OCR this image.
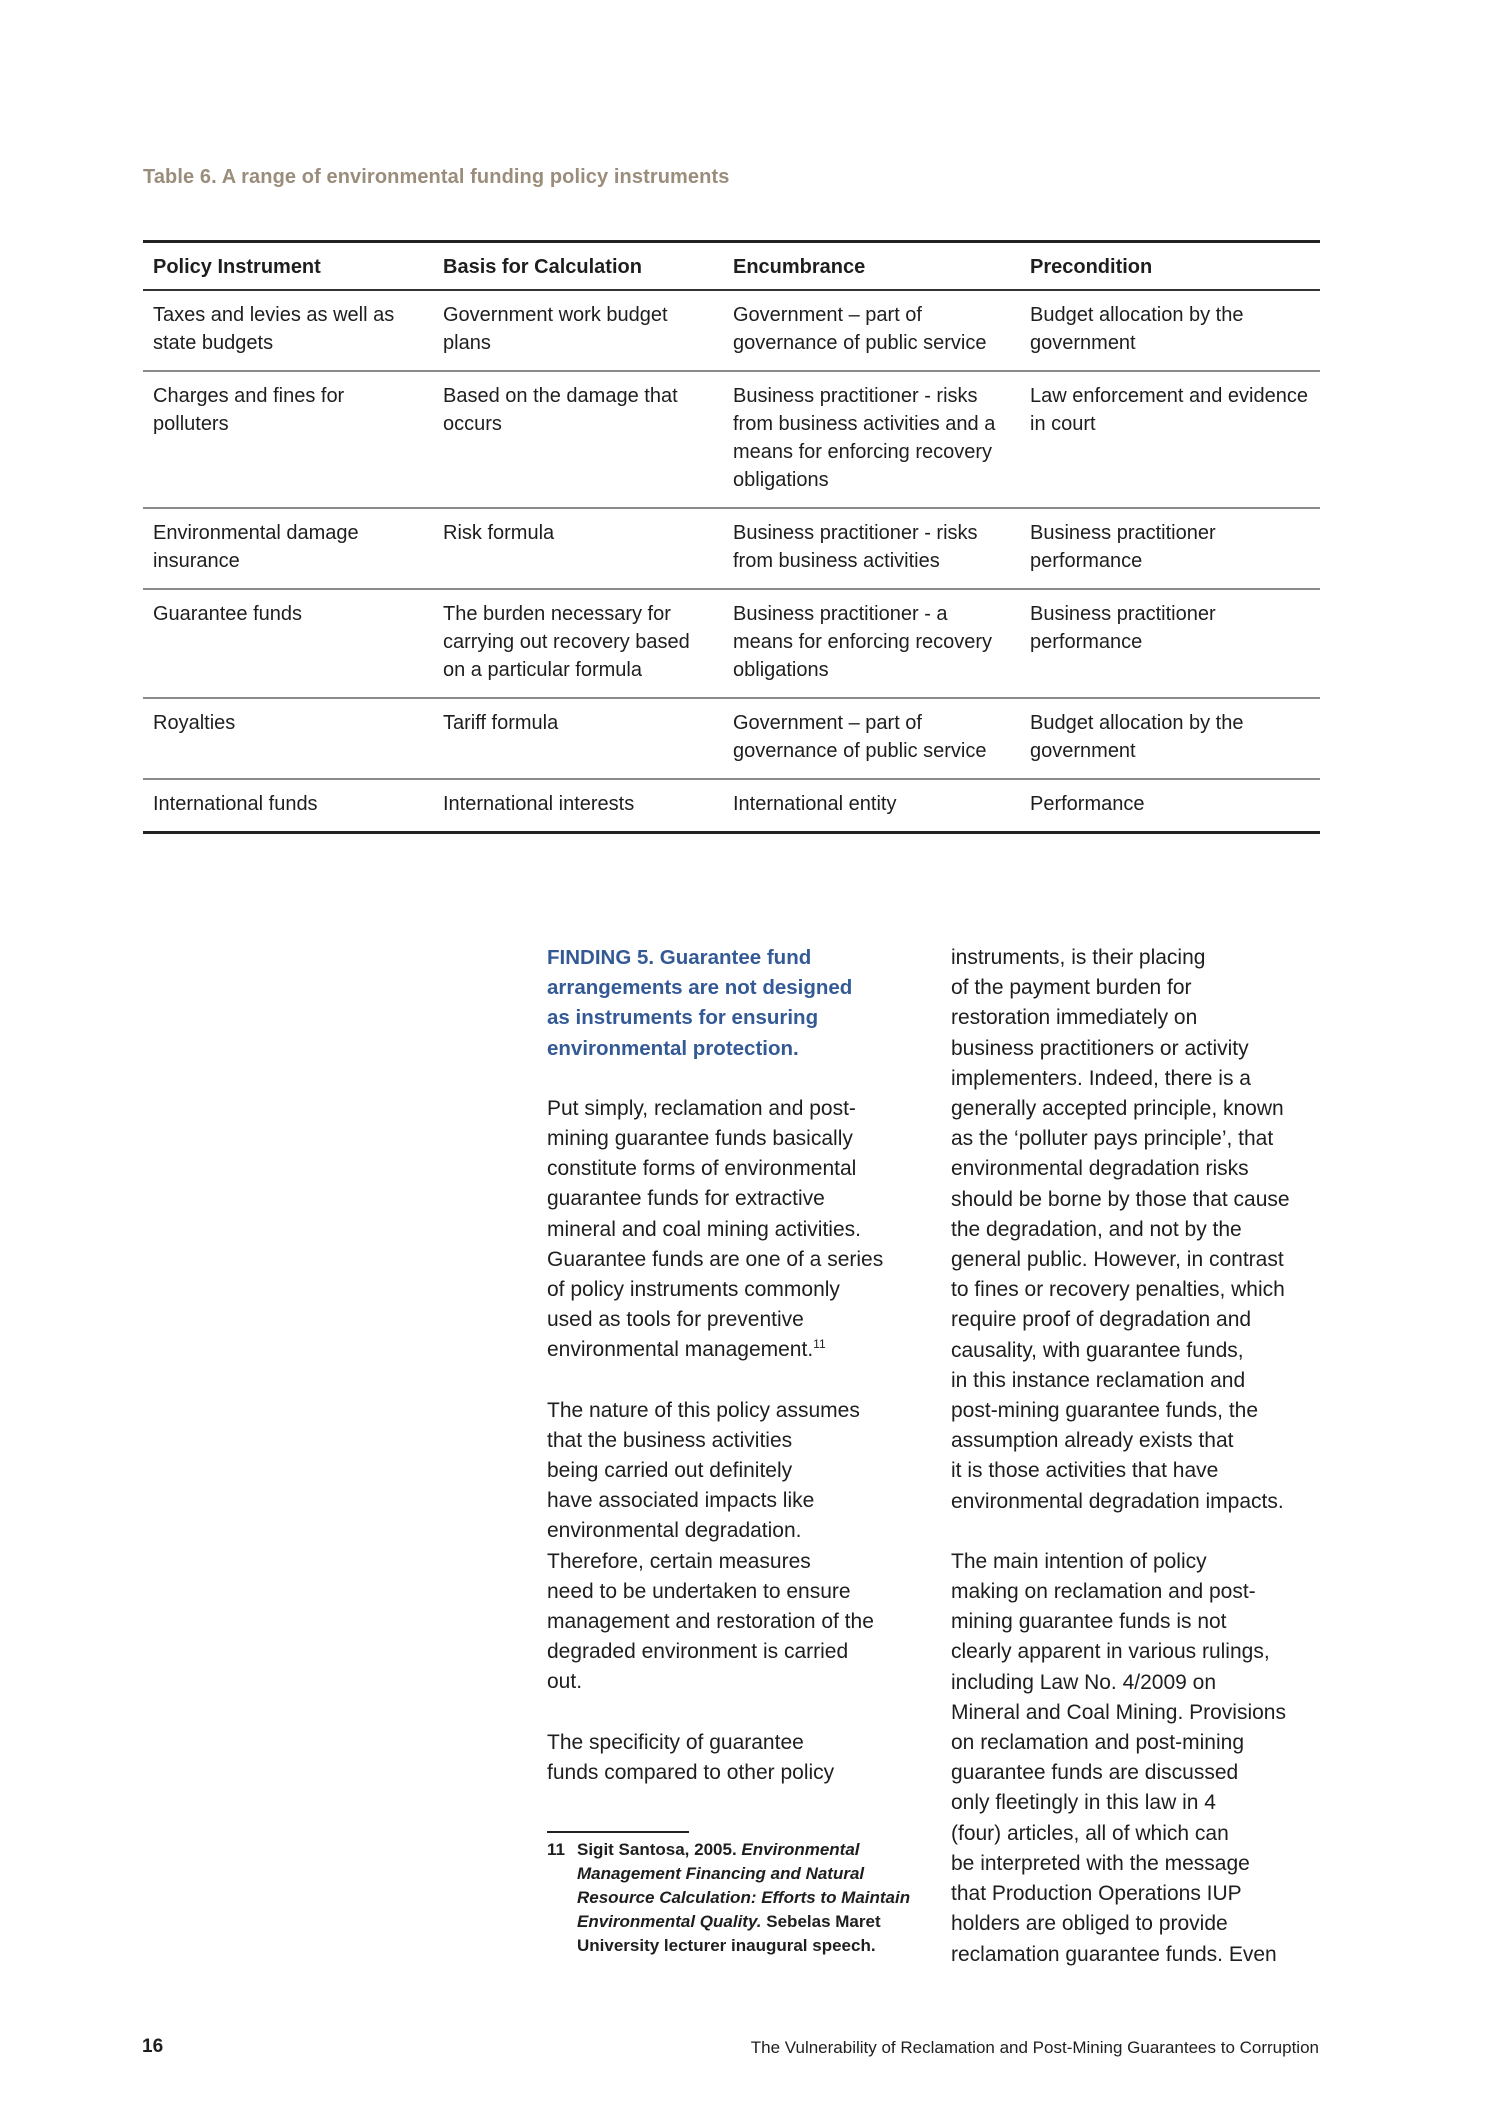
Table 6. A range of environmental funding policy instruments
Policy Instrument	Basis for Calculation	Encumbrance	Precondition
Taxes and levies as well as state budgets	Government work budget plans	Government – part of governance of public service	Budget allocation by the government
Charges and fines for polluters	Based on the damage that occurs	Business practitioner - risks from business activities and a means for enforcing recovery obligations	Law enforcement and evidence in court
Environmental damage insurance	Risk formula	Business practitioner - risks from business activities	Business practitioner performance
Guarantee funds	The burden necessary for carrying out recovery based on a particular formula	Business practitioner - a means for enforcing recovery obligations	Business practitioner performance
Royalties	Tariff formula	Government – part of governance of public service	Budget allocation by the government
International funds	International interests	International entity	Performance
FINDING 5. Guarantee fund
arrangements are not designed
as instruments for ensuring
environmental protection.
Put simply, reclamation and post-
mining guarantee funds basically
constitute forms of environmental
guarantee funds for extractive
mineral and coal mining activities.
Guarantee funds are one of a series
of policy instruments commonly
used as tools for preventive
environmental management.$^{11}$
The nature of this policy assumes
that the business activities
being carried out definitely
have associated impacts like
environmental degradation.
Therefore, certain measures
need to be undertaken to ensure
management and restoration of the
degraded environment is carried
out.
The specificity of guarantee
funds compared to other policy
11 Sigit Santosa, 2005. Environmental Management Financing and Natural Resource Calculation: Efforts to Maintain Environmental Quality. Sebelas Maret University lecturer inaugural speech.
instruments, is their placing
of the payment burden for
restoration immediately on
business practitioners or activity
implementers. Indeed, there is a
generally accepted principle, known
as the ‘polluter pays principle’, that
environmental degradation risks
should be borne by those that cause
the degradation, and not by the
general public. However, in contrast
to fines or recovery penalties, which
require proof of degradation and
causality, with guarantee funds,
in this instance reclamation and
post-mining guarantee funds, the
assumption already exists that
it is those activities that have
environmental degradation impacts.
The main intention of policy
making on reclamation and post-
mining guarantee funds is not
clearly apparent in various rulings,
including Law No. 4/2009 on
Mineral and Coal Mining. Provisions
on reclamation and post-mining
guarantee funds are discussed
only fleetingly in this law in 4
(four) articles, all of which can
be interpreted with the message
that Production Operations IUP
holders are obliged to provide
reclamation guarantee funds. Even
16	The Vulnerability of Reclamation and Post-Mining Guarantees to Corruption
